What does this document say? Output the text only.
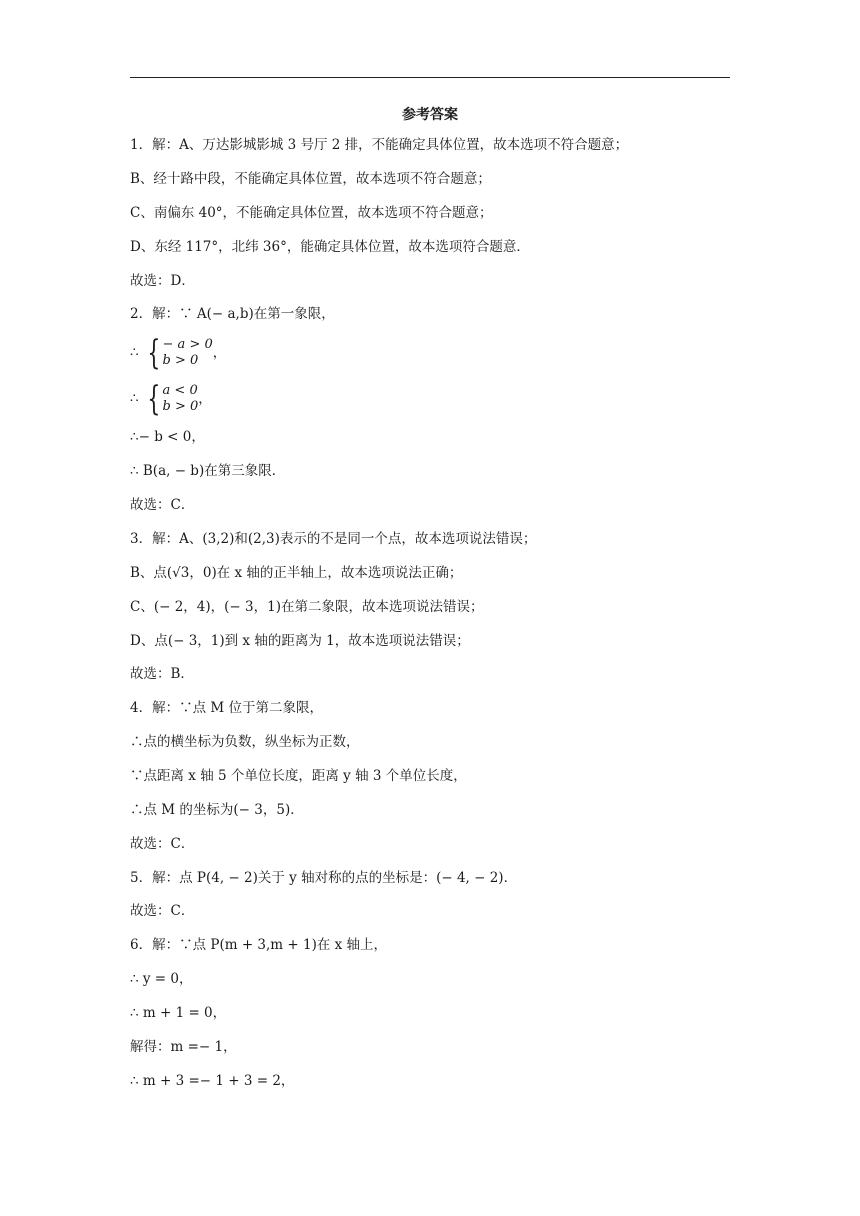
参考答案
1．解：A、万达影城影城 3 号厅 2 排，不能确定具体位置，故本选项不符合题意；
B、经十路中段，不能确定具体位置，故本选项不符合题意；
C、南偏东 40°，不能确定具体位置，故本选项不符合题意；
D、东经 117°，北纬 36°，能确定具体位置，故本选项符合题意．
故选：D．
2．解：∵ A(− a,b)在第一象限，
∴ { − a > 0
b > 0	，
∴ { a < 0
b > 0 ，
∴− b < 0，
∴ B(a, − b)在第三象限．
故选：C．
3．解：A、(3,2)和(2,3)表示的不是同一个点，故本选项说法错误；
B、点(√3，0)在 x 轴的正半轴上，故本选项说法正确；
C、(− 2，4)，(− 3，1)在第二象限，故本选项说法错误；
D、点(− 3，1)到 x 轴的距离为 1，故本选项说法错误；
故选：B．
4．解：∵点 M 位于第二象限，
∴点的横坐标为负数，纵坐标为正数，
∵点距离 x 轴 5 个单位长度，距离 y 轴 3 个单位长度，
∴点 M 的坐标为(− 3，5)．
故选：C．
5．解：点 P(4, − 2)关于 y 轴对称的点的坐标是：(− 4, − 2)．
故选：C．
6．解：∵点 P(m + 3,m + 1)在 x 轴上，
∴ y = 0，
∴ m + 1 = 0，
解得：m =− 1，
∴ m + 3 =− 1 + 3 = 2，
